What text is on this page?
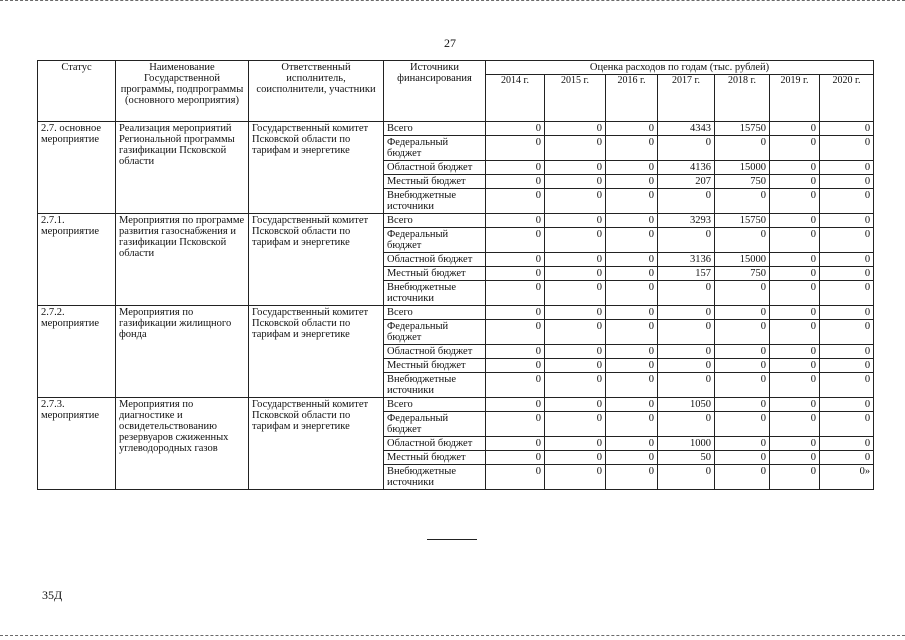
27
Статус	Наименование Государственной программы, подпрограммы (основного мероприятия)	Ответственный исполнитель, соисполнители, участники	Источники финансирования	Оценка расходов по годам (тыс. рублей)						
				2014 г.	2015 г.	2016 г.	2017 г.	2018 г.	2019 г.	2020 г.
2.7. основное мероприятие	Реализация мероприятий Региональной программы газификации Псковской области	Государственный комитет Псковской области по тарифам и энергетике	Всего	0	0	0	4343	15750	0	0
			Федеральный бюджет	0	0	0	0	0	0	0
			Областной бюджет	0	0	0	4136	15000	0	0
			Местный бюджет	0	0	0	207	750	0	0
			Внебюджетные источники	0	0	0	0	0	0	0
2.7.1. мероприятие	Мероприятия по программе развития газоснабжения и газификации Псковской области	Государственный комитет Псковской области по тарифам и энергетике	Всего	0	0	0	3293	15750	0	0
			Федеральный бюджет	0	0	0	0	0	0	0
			Областной бюджет	0	0	0	3136	15000	0	0
			Местный бюджет	0	0	0	157	750	0	0
			Внебюджетные источники	0	0	0	0	0	0	0
2.7.2. мероприятие	Мероприятия по газификации жилищного фонда	Государственный комитет Псковской области по тарифам и энергетике	Всего	0	0	0	0	0	0	0
			Федеральный бюджет	0	0	0	0	0	0	0
			Областной бюджет	0	0	0	0	0	0	0
			Местный бюджет	0	0	0	0	0	0	0
			Внебюджетные источники	0	0	0	0	0	0	0
2.7.3. мероприятие	Мероприятия по диагностике и освидетельствованию резервуаров сжиженных углеводородных газов	Государственный комитет Псковской области по тарифам и энергетике	Всего	0	0	0	1050	0	0	0
			Федеральный бюджет	0	0	0	0	0	0	0
			Областной бюджет	0	0	0	1000	0	0	0
			Местный бюджет	0	0	0	50	0	0	0
			Внебюджетные источники	0	0	0	0	0	0	0»
35Д
